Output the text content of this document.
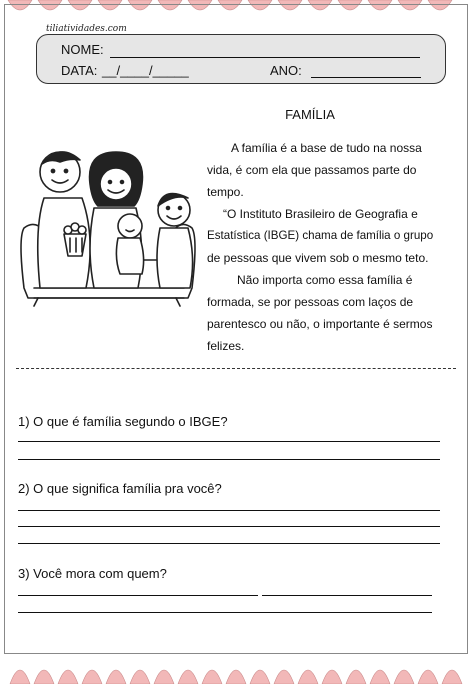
tiliatividades.com
NOME:
DATA: __/____/_____	ANO:
FAMÍLIA
A família é a base de tudo na nossa
vida, é com ela que passamos parte do
tempo.
“O Instituto Brasileiro de Geografia e
Estatística (IBGE) chama de família o grupo
de pessoas que vivem sob o mesmo teto.
Não importa como essa família é
formada, se por pessoas com laços de
parentesco ou não, o importante é sermos
felizes.
1) O que é família segundo o IBGE?
2) O que significa família pra você?
3) Você mora com quem?
